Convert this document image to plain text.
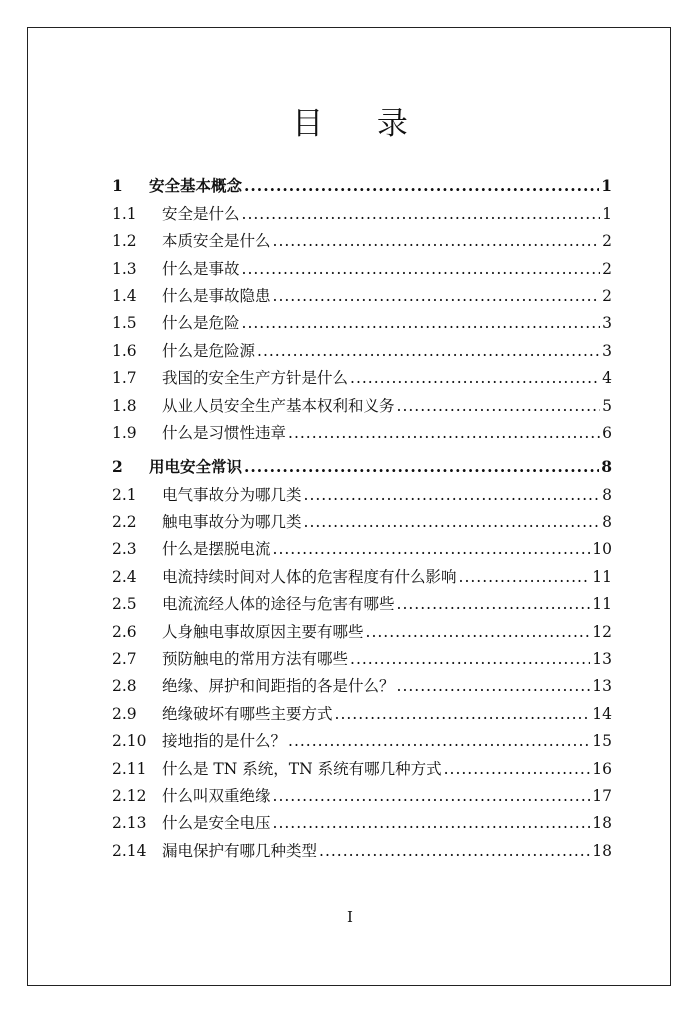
目 录
1	安全基本概念 .....	1
1.1	安全是什么 .....	1
1.2	本质安全是什么 .....	2
1.3	什么是事故 .....	2
1.4	什么是事故隐患 .....	2
1.5	什么是危险 .....	3
1.6	什么是危险源 .....	3
1.7	我国的安全生产方针是什么 .....	4
1.8	从业人员安全生产基本权利和义务 .....	5
1.9	什么是习惯性违章 .....	6
2	用电安全常识 .....	8
2.1	电气事故分为哪几类 .....	8
2.2	触电事故分为哪几类 .....	8
2.3	什么是摆脱电流 .....	10
2.4	电流持续时间对人体的危害程度有什么影响 .....	11
2.5	电流流经人体的途径与危害有哪些 .....	11
2.6	人身触电事故原因主要有哪些 .....	12
2.7	预防触电的常用方法有哪些 .....	13
2.8	绝缘、屏护和间距指的各是什么？ .....	13
2.9	绝缘破坏有哪些主要方式 .....	14
2.10 接地指的是什么？ .....	15
2.11 什么是 TN 系统，TN 系统有哪几种方式 .....	16
2.12 什么叫双重绝缘 .....	17
2.13 什么是安全电压 .....	18
2.14 漏电保护有哪几种类型 .....	18
I
